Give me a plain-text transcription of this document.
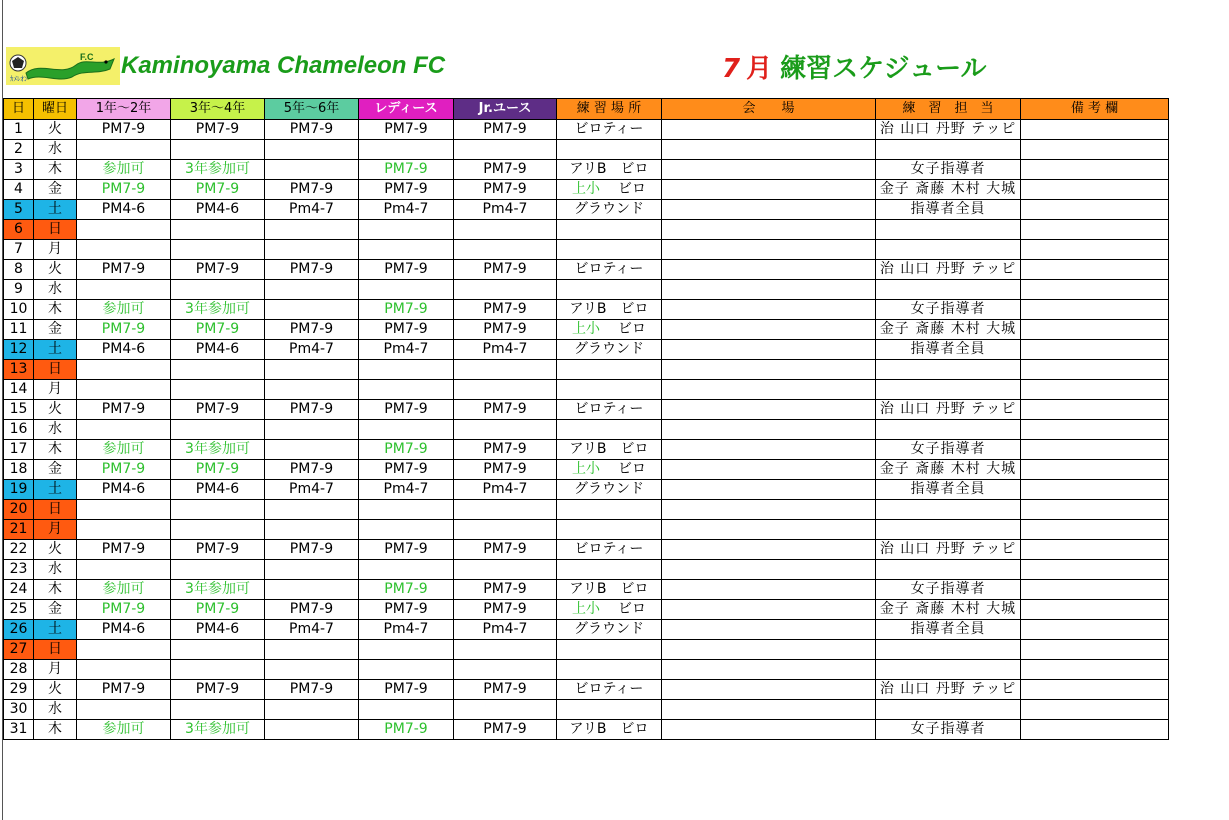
F.C
ｶﾒﾚｵﾝ	Kaminoyama Chameleon FC	7 月 練習スケジュール
日	曜日	1年～2年	3年～4年	5年～6年	レディース	Jr.ユース	練 習 場 所	会　　場	練　習　担　当	備 考 欄
1	火	PM7-9	PM7-9	PM7-9	PM7-9	PM7-9	ビロティー		治 山口 丹野 テッピ	
2	水									
3	木	参加可	3年参加可		PM7-9	PM7-9	アリB　ビロ		女子指導者	
4	金	PM7-9	PM7-9	PM7-9	PM7-9	PM7-9	上小 ビロ		金子 斎藤 木村 大城	
5	土	PM4-6	PM4-6	Pm4-7	Pm4-7	Pm4-7	グラウンド		指導者全員	
6	日									
7	月									
8	火	PM7-9	PM7-9	PM7-9	PM7-9	PM7-9	ビロティー		治 山口 丹野 テッピ	
9	水									
10	木	参加可	3年参加可		PM7-9	PM7-9	アリB　ビロ		女子指導者	
11	金	PM7-9	PM7-9	PM7-9	PM7-9	PM7-9	上小 ビロ		金子 斎藤 木村 大城	
12	土	PM4-6	PM4-6	Pm4-7	Pm4-7	Pm4-7	グラウンド		指導者全員	
13	日									
14	月									
15	火	PM7-9	PM7-9	PM7-9	PM7-9	PM7-9	ビロティー		治 山口 丹野 テッピ	
16	水									
17	木	参加可	3年参加可		PM7-9	PM7-9	アリB　ビロ		女子指導者	
18	金	PM7-9	PM7-9	PM7-9	PM7-9	PM7-9	上小 ビロ		金子 斎藤 木村 大城	
19	土	PM4-6	PM4-6	Pm4-7	Pm4-7	Pm4-7	グラウンド		指導者全員	
20	日									
21	月									
22	火	PM7-9	PM7-9	PM7-9	PM7-9	PM7-9	ビロティー		治 山口 丹野 テッピ	
23	水									
24	木	参加可	3年参加可		PM7-9	PM7-9	アリB　ビロ		女子指導者	
25	金	PM7-9	PM7-9	PM7-9	PM7-9	PM7-9	上小 ビロ		金子 斎藤 木村 大城	
26	土	PM4-6	PM4-6	Pm4-7	Pm4-7	Pm4-7	グラウンド		指導者全員	
27	日									
28	月									
29	火	PM7-9	PM7-9	PM7-9	PM7-9	PM7-9	ビロティー		治 山口 丹野 テッピ	
30	水									
31	木	参加可	3年参加可		PM7-9	PM7-9	アリB　ビロ		女子指導者	
